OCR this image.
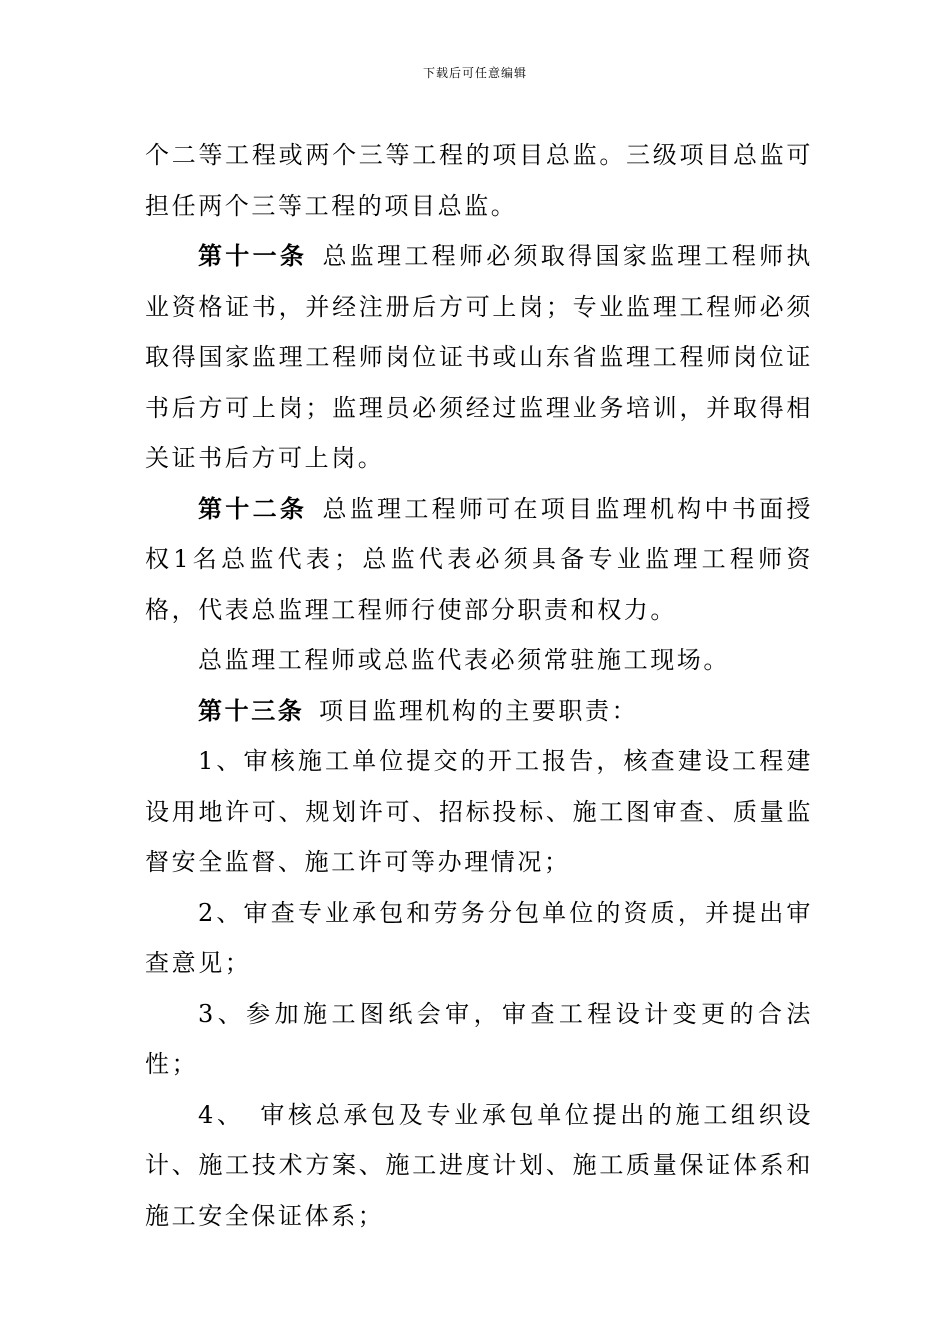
下载后可任意编辑

个二等工程或两个三等工程的项目总监。三级项目总监可担任两个三等工程的项目总监。

第十一条  总监理工程师必须取得国家监理工程师执业资格证书，并经注册后方可上岗；专业监理工程师必须取得国家监理工程师岗位证书或山东省监理工程师岗位证书后方可上岗；监理员必须经过监理业务培训，并取得相关证书后方可上岗。

第十二条  总监理工程师可在项目监理机构中书面授权1名总监代表；总监代表必须具备专业监理工程师资格，代表总监理工程师行使部分职责和权力。

总监理工程师或总监代表必须常驻施工现场。

第十三条  项目监理机构的主要职责：

1、审核施工单位提交的开工报告，核查建设工程建设用地许可、规划许可、招标投标、施工图审查、质量监督安全监督、施工许可等办理情况；

2、审查专业承包和劳务分包单位的资质，并提出审查意见；

3、参加施工图纸会审，审查工程设计变更的合法性；

4、　审核总承包及专业承包单位提出的施工组织设计、施工技术方案、施工进度计划、施工质量保证体系和施工安全保证体系；
